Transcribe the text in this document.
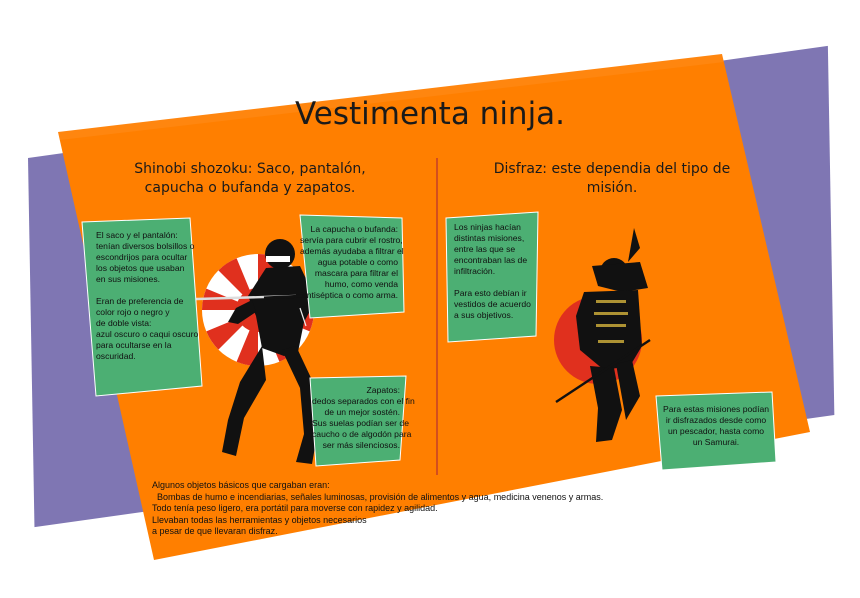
Vestimenta ninja.
Shinobi shozoku: Saco, pantalón,
capucha o bufanda y zapatos.
Disfraz: este dependia del tipo de
misión.
El saco y el pantalón:
tenían diversos bolsillos o
escondrijos para ocultar
los objetos que usaban
en sus misiones.
Eran de preferencia de
color rojo o negro y
de doble vista:
azul oscuro o caqui oscuro
para ocultarse en la
oscuridad.
La capucha o bufanda:
servía para cubrir el rostro,
además ayudaba a filtrar el
agua potable o como
mascara para filtrar el
humo, como venda
antiséptica o como arma.
Zapatos:
dedos separados con el fin
de un mejor sostén.
Sus suelas podían ser de
caucho o de algodón para
ser más silenciosos.
Los ninjas hacían
distintas misiones,
entre las que se
encontraban las de
infiltración.
Para esto debían ir
vestidos de acuerdo
a sus objetivos.
Para estas misiones podían
ir disfrazados desde como
un pescador, hasta como
un Samurai.
Algunos objetos básicos que cargaban eran:
Bombas de humo e incendiarias, señales luminosas, provisión de alimentos y agua, medicina venenos y armas.
Todo tenía peso ligero, era portátil para moverse con rapidez y agilidad.
Llevaban todas las herramientas y objetos necesarios
a pesar de que llevaran disfraz.
